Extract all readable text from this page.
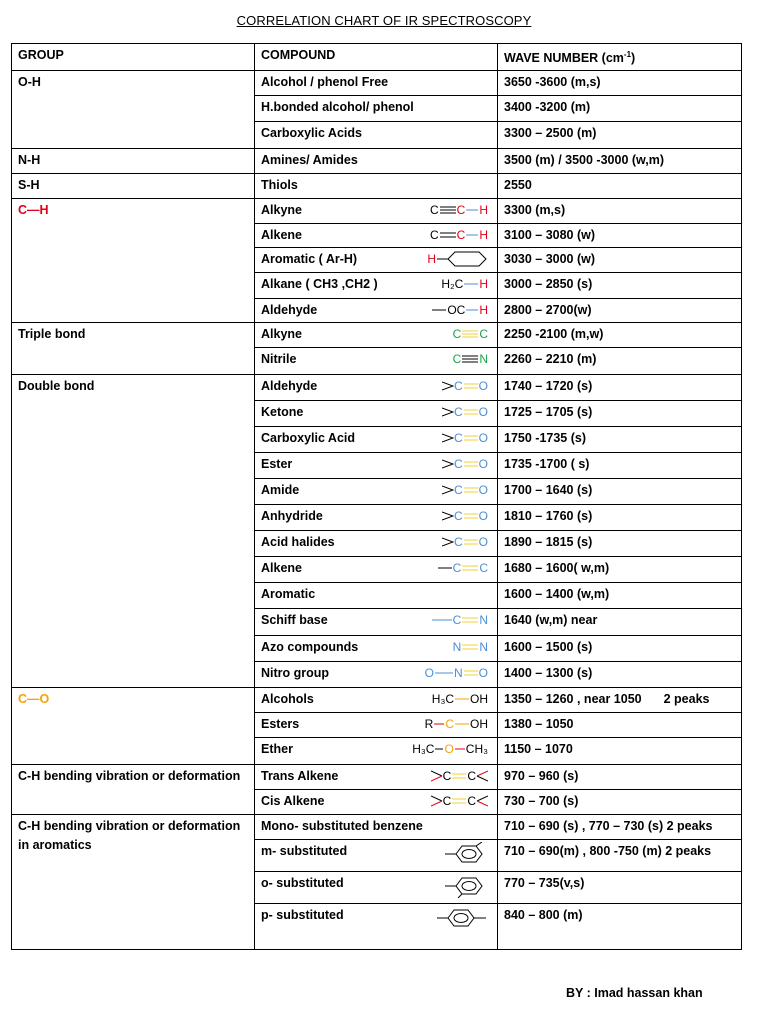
CORRELATION CHART OF IR SPECTROSCOPY
GROUP	COMPOUND	WAVE NUMBER $(cm^{-1})$
O-H	Alcohol / phenol Free	3650 -3600 (m,s)
	H.bonded alcohol/ phenol	3400 -3200 (m)
	Carboxylic Acids	3300 – 2500 (m)
N-H	Amines/ Amides	3500 (m) / 3500 -3000 (w,m)
S-H	Thiols	2550
C—H	Alkyne C C H	3300 (m,s)

	Alkene C C H	3100 – 3080 (w)

	Aromatic ( Ar-H) H	3030 – 3000 (w)

	Alkane ( CH3 ,CH2 ) H₂C H	3000 – 2850 (s)

	Aldehyde OC H	2800 – 2700(w)
Triple bond	Alkyne C C	2250 -2100 (m,w)

	Nitrile C N	2260 – 2210 (m)
Double bond	Aldehyde C O	1740 – 1720 (s)

	Ketone C O	1725 – 1705 (s)

	Carboxylic Acid C O	1750 -1735 (s)

	Ester C O	1735 -1700 ( s)

	Amide C O	1700 – 1640 (s)

	Anhydride C O	1810 – 1760 (s)

	Acid halides C O	1890 – 1815 (s)

	Alkene C C	1680 – 1600( w,m)
	Aromatic	1600 – 1400 (w,m)

	Schiff base C N	1640 (w,m) near

	Azo compounds N N	1600 – 1500 (s)

	Nitro group O N O	1400 – 1300 (s)
C—O	Alcohols H₃C OH	1350 – 1260 , near 1050 2 peaks

	Esters R C OH	1380 – 1050

	Ether H₃C O CH₃	1150 – 1070
C-H bending vibration or deformation	Trans Alkene C C	970 – 960 (s)

	Cis Alkene C C	730 – 700 (s)
C-H bending vibration or deformation in aromatics	Mono- substituted benzene	710 – 690 (s) , 770 – 730 (s) 2 peaks

	m- substituted	710 – 690(m) , 800 -750 (m) 2 peaks

	o- substituted	770 – 735(v,s)

	p- substituted	840 – 800 (m)
BY : Imad hassan khan
